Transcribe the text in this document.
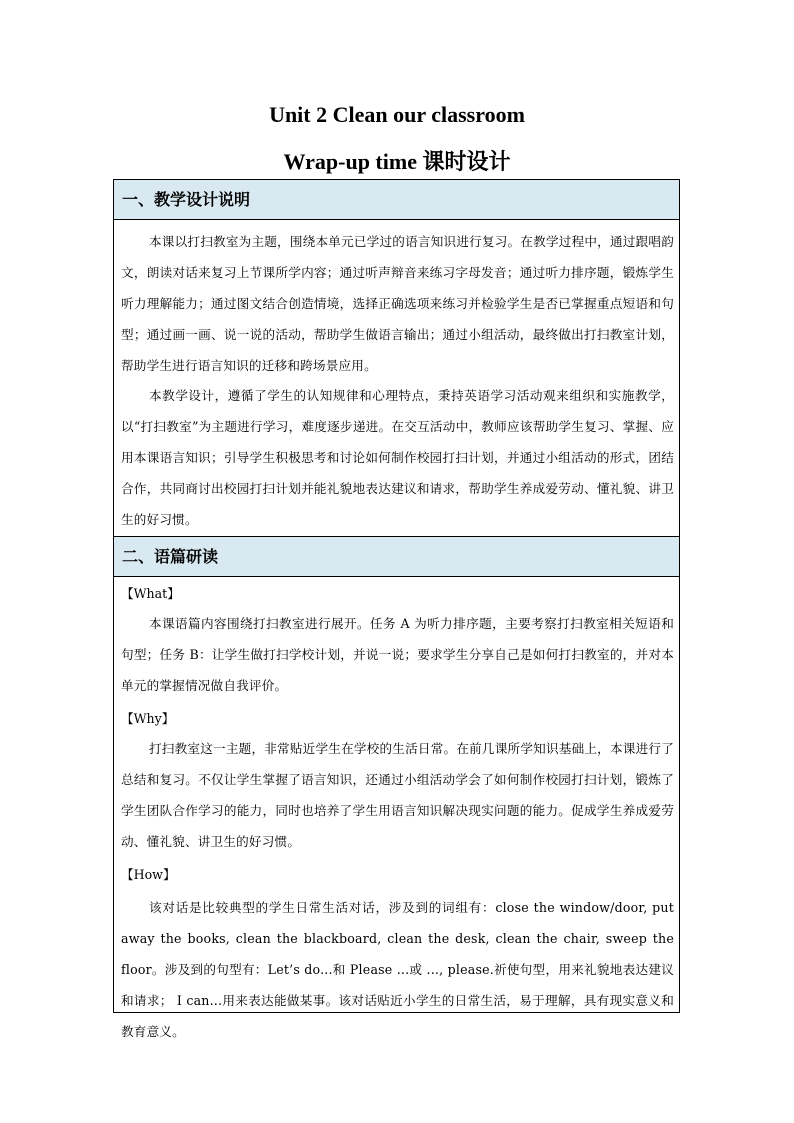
Unit 2 Clean our classroom
Wrap-up time 课时设计
一、教学设计说明

本课以打扫教室为主题，围绕本单元已学过的语言知识进行复习。在教学过程中，通过跟唱韵文，朗读对话来复习上节课所学内容；通过听声辩音来练习字母发音；通过听力排序题，锻炼学生听力理解能力；通过图文结合创造情境，选择正确选项来练习并检验学生是否已掌握重点短语和句型；通过画一画、说一说的活动，帮助学生做语言输出；通过小组活动，最终做出打扫教室计划，帮助学生进行语言知识的迁移和跨场景应用。

本教学设计，遵循了学生的认知规律和心理特点，秉持英语学习活动观来组织和实施教学，以“打扫教室”为主题进行学习，难度逐步递进。在交互活动中，教师应该帮助学生复习、掌握、应用本课语言知识；引导学生积极思考和讨论如何制作校园打扫计划，并通过小组活动的形式，团结合作，共同商讨出校园打扫计划并能礼貌地表达建议和请求，帮助学生养成爱劳动、懂礼貌、讲卫生的好习惯。

二、语篇研读

【What】

本课语篇内容围绕打扫教室进行展开。任务 A 为听力排序题，主要考察打扫教室相关短语和句型；任务 B：让学生做打扫学校计划，并说一说；要求学生分享自己是如何打扫教室的，并对本单元的掌握情况做自我评价。

【Why】

打扫教室这一主题，非常贴近学生在学校的生活日常。在前几课所学知识基础上，本课进行了总结和复习。不仅让学生掌握了语言知识，还通过小组活动学会了如何制作校园打扫计划，锻炼了学生团队合作学习的能力，同时也培养了学生用语言知识解决现实问题的能力。促成学生养成爱劳动、懂礼貌、讲卫生的好习惯。

【How】

该对话是比较典型的学生日常生活对话，涉及到的词组有：close the window/door, put away the books, clean the blackboard, clean the desk, clean the chair, sweep the floor。涉及到的句型有：Let’s do...和 Please ...或 ..., please.祈使句型，用来礼貌地表达建议和请求； I can...用来表达能做某事。该对话贴近小学生的日常生活，易于理解，具有现实意义和教育意义。
